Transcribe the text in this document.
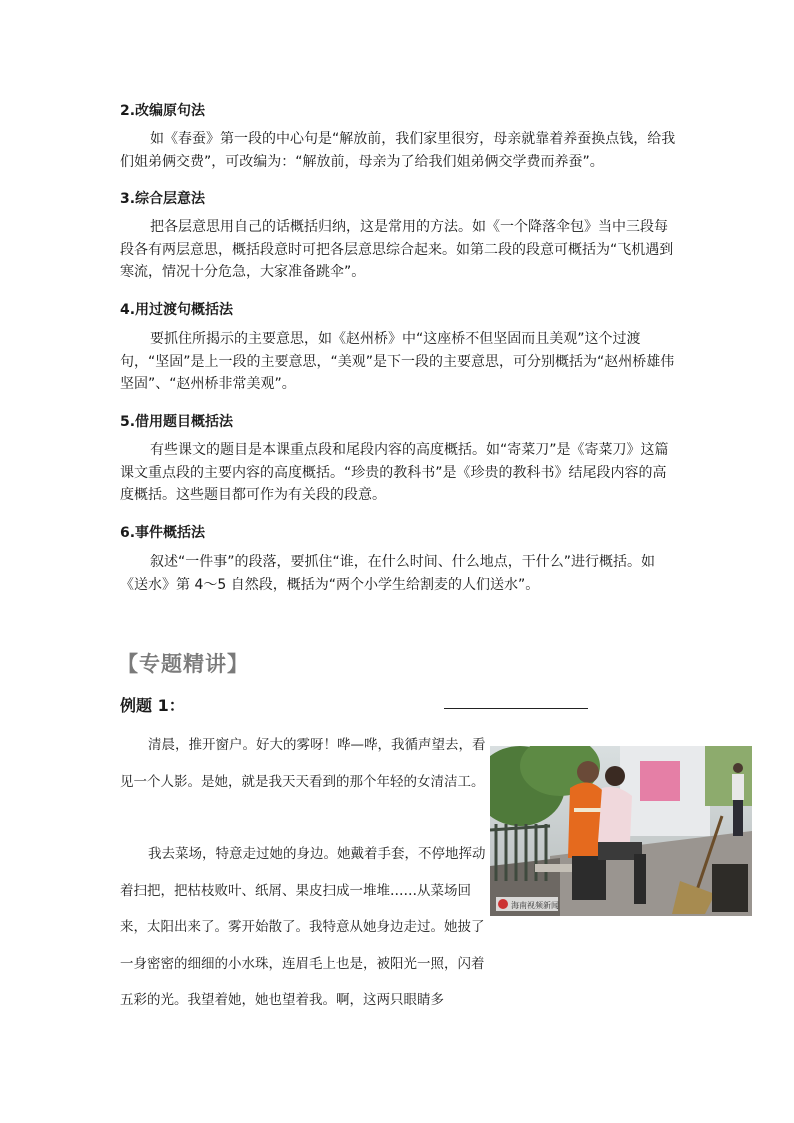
2.改编原句法

如《春蚕》第一段的中心句是“解放前，我们家里很穷，母亲就靠着养蚕换点钱，给我们姐弟俩交费”，可改编为：“解放前，母亲为了给我们姐弟俩交学费而养蚕”。

3.综合层意法

把各层意思用自己的话概括归纳，这是常用的方法。如《一个降落伞包》当中三段每段各有两层意思，概括段意时可把各层意思综合起来。如第二段的段意可概括为“飞机遇到寒流，情况十分危急，大家准备跳伞”。

4.用过渡句概括法

要抓住所揭示的主要意思，如《赵州桥》中“这座桥不但坚固而且美观”这个过渡句，“坚固”是上一段的主要意思，“美观”是下一段的主要意思，可分别概括为“赵州桥雄伟坚固”、“赵州桥非常美观”。

5.借用题目概括法

有些课文的题目是本课重点段和尾段内容的高度概括。如“寄菜刀”是《寄菜刀》这篇课文重点段的主要内容的高度概括。“珍贵的教科书”是《珍贵的教科书》结尾段内容的高度概括。这些题目都可作为有关段的段意。

6.事件概括法

叙述“一件事”的段落，要抓住“谁，在什么时间、什么地点，干什么”进行概括。如《送水》第 4～5 自然段，概括为“两个小学生给割麦的人们送水”。

【专题精讲】
例题 1：

清晨，推开窗户。好大的雾呀！哗—哗，我循声望去，看见一个人影。是她，就是我天天看到的那个年轻的女清洁工。

我去菜场，特意走过她的身边。她戴着手套，不停地挥动着扫把，把枯枝败叶、纸屑、果皮扫成一堆堆……从菜场回来，太阳出来了。雾开始散了。我特意从她身边走过。她披了一身密密的细细的小水珠，连眉毛上也是，被阳光一照，闪着五彩的光。我望着她，她也望着我。啊，这两只眼睛多

海南视频新闻
